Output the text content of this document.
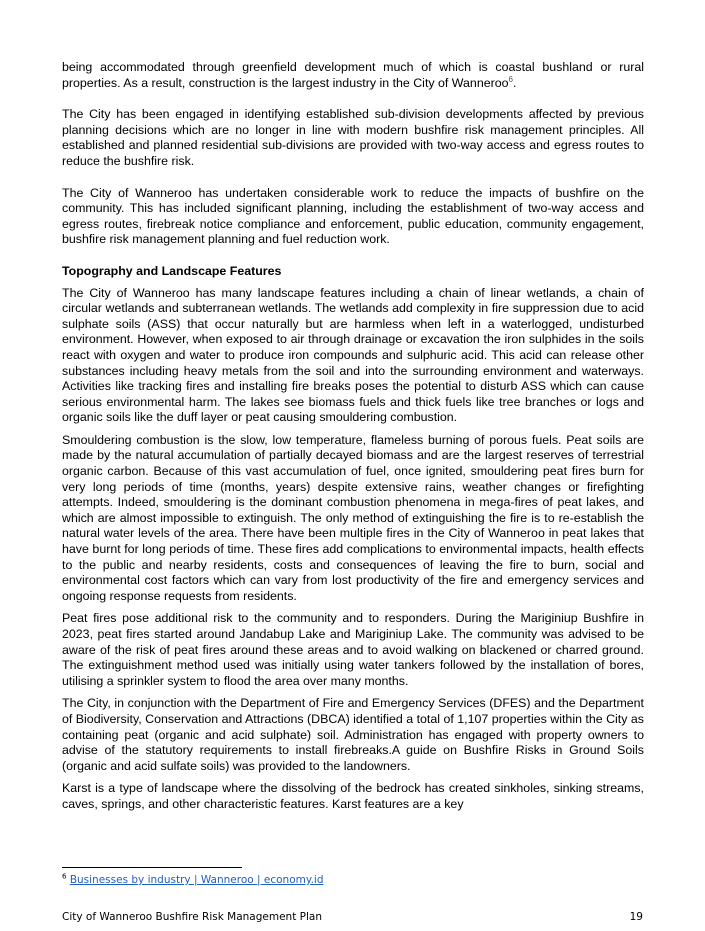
being accommodated through greenfield development much of which is coastal bushland or rural properties. As a result, construction is the largest industry in the City of Wanneroo$^6$.

The City has been engaged in identifying established sub-division developments affected by previous planning decisions which are no longer in line with modern bushfire risk management principles. All established and planned residential sub-divisions are provided with two-way access and egress routes to reduce the bushfire risk.

The City of Wanneroo has undertaken considerable work to reduce the impacts of bushfire on the community. This has included significant planning, including the establishment of two-way access and egress routes, firebreak notice compliance and enforcement, public education, community engagement, bushfire risk management planning and fuel reduction work.

Topography and Landscape Features

The City of Wanneroo has many landscape features including a chain of linear wetlands, a chain of circular wetlands and subterranean wetlands. The wetlands add complexity in fire suppression due to acid sulphate soils (ASS) that occur naturally but are harmless when left in a waterlogged, undisturbed environment. However, when exposed to air through drainage or excavation the iron sulphides in the soils react with oxygen and water to produce iron compounds and sulphuric acid. This acid can release other substances including heavy metals from the soil and into the surrounding environment and waterways. Activities like tracking fires and installing fire breaks poses the potential to disturb ASS which can cause serious environmental harm. The lakes see biomass fuels and thick fuels like tree branches or logs and organic soils like the duff layer or peat causing smouldering combustion.

Smouldering combustion is the slow, low temperature, flameless burning of porous fuels. Peat soils are made by the natural accumulation of partially decayed biomass and are the largest reserves of terrestrial organic carbon. Because of this vast accumulation of fuel, once ignited, smouldering peat fires burn for very long periods of time (months, years) despite extensive rains, weather changes or firefighting attempts. Indeed, smouldering is the dominant combustion phenomena in mega-fires of peat lakes, and which are almost impossible to extinguish. The only method of extinguishing the fire is to re-establish the natural water levels of the area. There have been multiple fires in the City of Wanneroo in peat lakes that have burnt for long periods of time. These fires add complications to environmental impacts, health effects to the public and nearby residents, costs and consequences of leaving the fire to burn, social and environmental cost factors which can vary from lost productivity of the fire and emergency services and ongoing response requests from residents.

Peat fires pose additional risk to the community and to responders. During the Mariginiup Bushfire in 2023, peat fires started around Jandabup Lake and Mariginiup Lake. The community was advised to be aware of the risk of peat fires around these areas and to avoid walking on blackened or charred ground. The extinguishment method used was initially using water tankers followed by the installation of bores, utilising a sprinkler system to flood the area over many months.

The City, in conjunction with the Department of Fire and Emergency Services (DFES) and the Department of Biodiversity, Conservation and Attractions (DBCA) identified a total of 1,107 properties within the City as containing peat (organic and acid sulphate) soil. Administration has engaged with property owners to advise of the statutory requirements to install firebreaks.A guide on Bushfire Risks in Ground Soils (organic and acid sulfate soils) was provided to the landowners.

Karst is a type of landscape where the dissolving of the bedrock has created sinkholes, sinking streams, caves, springs, and other characteristic features. Karst features are a key

$^6$ Businesses by industry | Wanneroo | economy.id
City of Wanneroo Bushfire Risk Management Plan	19
